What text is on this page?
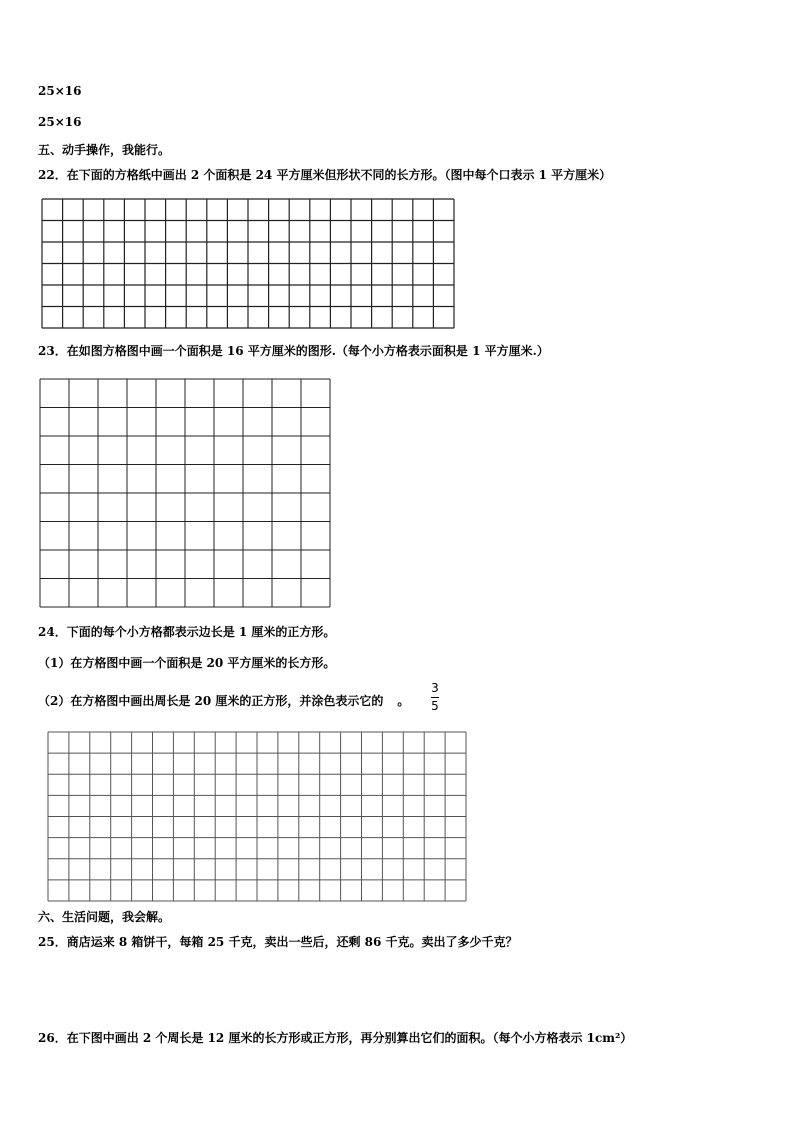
25×16
25×16
五、动手操作，我能行。
22．在下面的方格纸中画出 2 个面积是 24 平方厘米但形状不同的长方形。（图中每个口表示 1 平方厘米）
23．在如图方格图中画一个面积是 16 平方厘米的图形.（每个小方格表示面积是 1 平方厘米.）
24．下面的每个小方格都表示边长是 1 厘米的正方形。
（1）在方格图中画一个面积是 20 平方厘米的长方形。
（2）在方格图中画出周长是 20 厘米的正方形，并涂色表示它的 。
3
5
六、生活问题，我会解。
25．商店运来 8 箱饼干，每箱 25 千克，卖出一些后，还剩 86 千克。卖出了多少千克？
26．在下图中画出 2 个周长是 12 厘米的长方形或正方形，再分别算出它们的面积。（每个小方格表示 1cm²）
